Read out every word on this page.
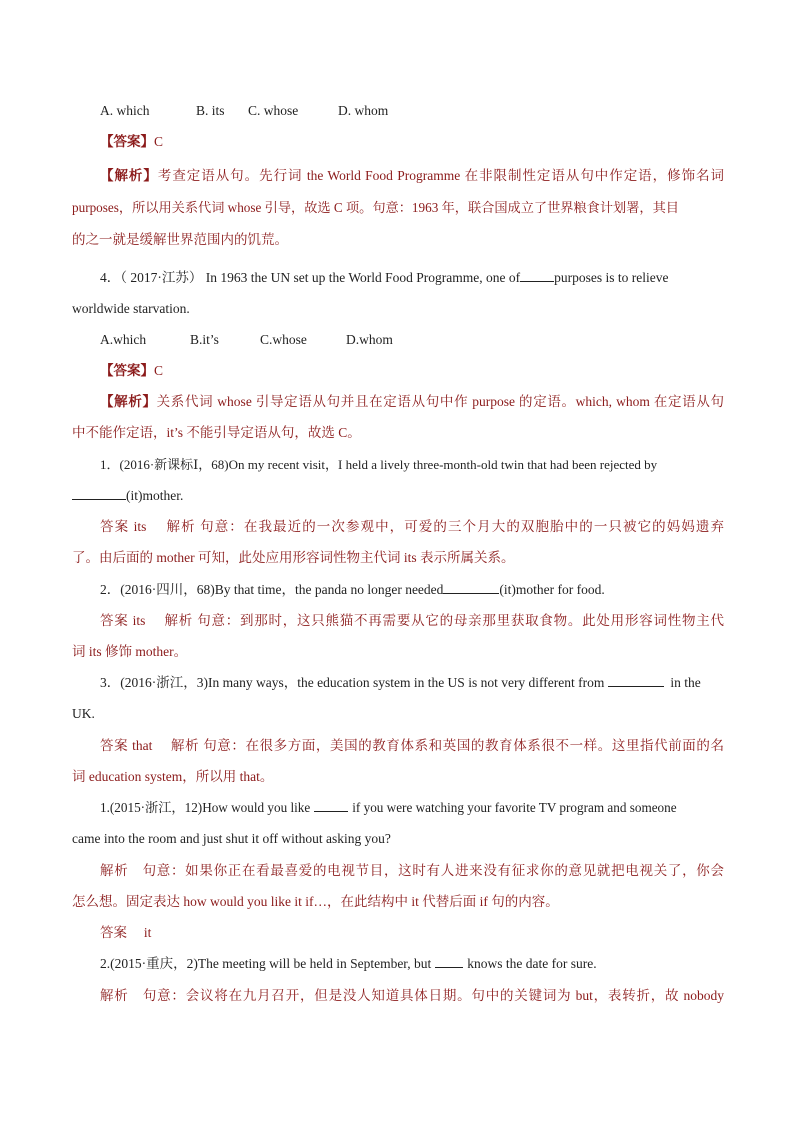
A. which	B. its C. whose	D. whom
【答案】C
【解析】考查定语从句。先行词 the World Food Programme 在非限制性定语从句中作定语，修饰名词
purposes，所以用关系代词 whose 引导，故选 C 项。句意：1963 年，联合国成立了世界粮食计划署，其目
的之一就是缓解世界范围内的饥荒。
4．（ 2017·江苏） In 1963 the UN set up the World Food Programme, one of	purposes is to relieve
worldwide starvation.
A.which	B.it’s	C.whose	D.whom
【答案】C
【解析】关系代词 whose 引导定语从句并且在定语从句中作 purpose 的定语。which, whom 在定语从句
中不能作定语，it’s 不能引导定语从句，故选 C。
1．(2016·新课标Ⅰ，68)On my recent visit，I held a lively three-month-old twin that had been rejected by
(it)mother.
答案 its　 解析 句意：在我最近的一次参观中，可爱的三个月大的双胞胎中的一只被它的妈妈遗弃
了。由后面的 mother 可知，此处应用形容词性物主代词 its 表示所属关系。
2．(2016·四川，68)By that time，the panda no longer needed	(it)mother for food.
答案 its　 解析 句意：到那时，这只熊猫不再需要从它的母亲那里获取食物。此处用形容词性物主代
词 its 修饰 mother。
3．(2016·浙江，3)In many ways，the education system in the US is not very different from	in the
UK.
答案 that　 解析 句意：在很多方面，美国的教育体系和英国的教育体系很不一样。这里指代前面的名
词 education system，所以用 that。
1.(2015·浙江，12)How would you like	if you were watching your favorite TV program and someone
came into the room and just shut it off without asking you?
解析　句意：如果你正在看最喜爱的电视节目，这时有人进来没有征求你的意见就把电视关了，你会
怎么想。固定表达 how would you like it if…，在此结构中 it 代替后面 if 句的内容。
答案　 it
2.(2015·重庆，2)The meeting will be held in September, but	knows the date for sure.
解析　句意：会议将在九月召开，但是没人知道具体日期。句中的关键词为 but，表转折，故 nobody
